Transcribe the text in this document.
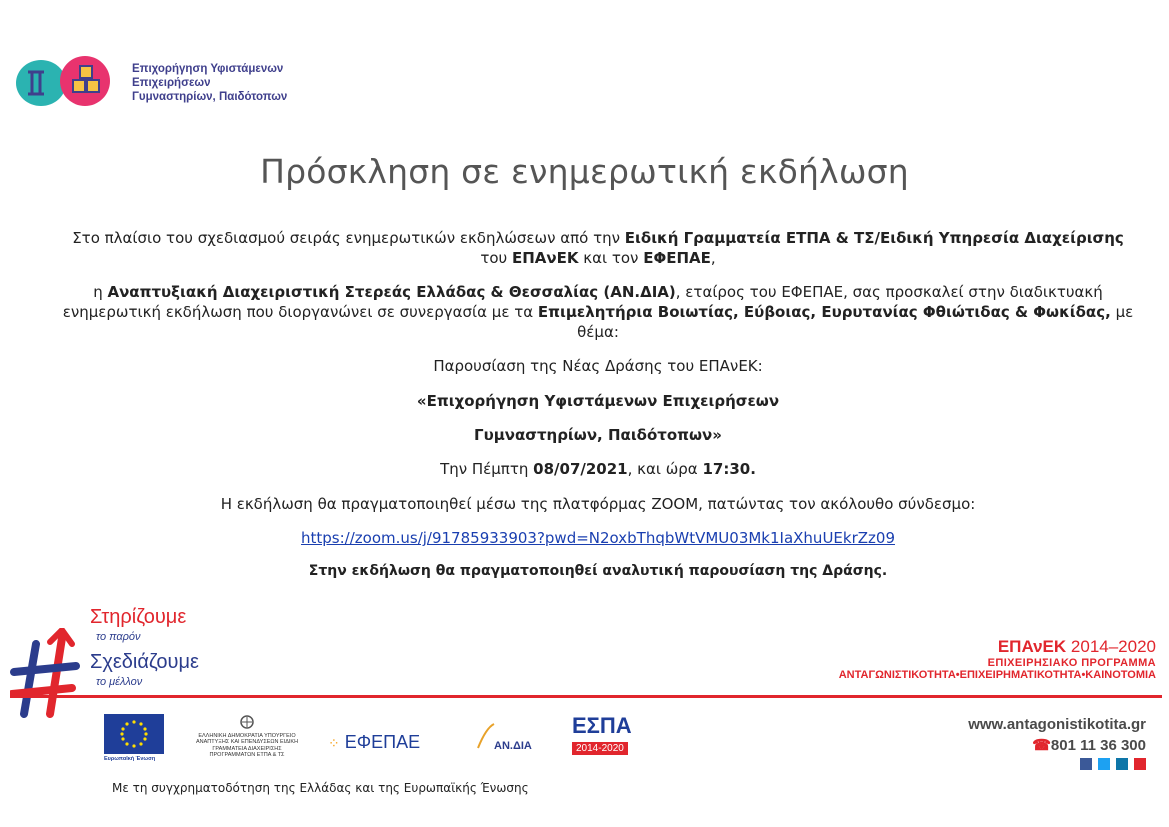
Επιχορήγηση Υφιστάμενων
Επιχειρήσεων
Γυμναστηρίων, Παιδότοπων
Πρόσκληση σε ενημερωτική εκδήλωση
Στο πλαίσιο του σχεδιασμού σειράς ενημερωτικών εκδηλώσεων από την Ειδική Γραμματεία ΕΤΠΑ & ΤΣ/Ειδική Υπηρεσία Διαχείρισης του ΕΠΑνΕΚ και τον ΕΦΕΠΑΕ,
η Αναπτυξιακή Διαχειριστική Στερεάς Ελλάδας & Θεσσαλίας (ΑΝ.ΔΙΑ), εταίρος του ΕΦΕΠΑΕ, σας προσκαλεί στην διαδικτυακή ενημερωτική εκδήλωση που διοργανώνει σε συνεργασία με τα Επιμελητήρια Βοιωτίας, Εύβοιας, Ευρυτανίας Φθιώτιδας & Φωκίδας, με θέμα:
Παρουσίαση της Νέας Δράσης του ΕΠΑνΕΚ:
«Επιχορήγηση Υφιστάμενων Επιχειρήσεων
Γυμναστηρίων, Παιδότοπων»
Την Πέμπτη 08/07/2021, και ώρα 17:30.
Η εκδήλωση θα πραγματοποιηθεί μέσω της πλατφόρμας ZOOM, πατώντας τον ακόλουθο σύνδεσμο:
https://zoom.us/j/91785933903?pwd=N2oxbThqbWtVMU03Mk1IaXhuUEkrZz09
Στην εκδήλωση θα πραγματοποιηθεί αναλυτική παρουσίαση της Δράσης.
Στηρίζουμε
το παρόν
Σχεδιάζουμε
το μέλλον
ΕΠΑνΕΚ 2014–2020
ΕΠΙΧΕΙΡΗΣΙΑΚΟ ΠΡΟΓΡΑΜΜΑ
ΑΝΤΑΓΩΝΙΣΤΙΚΟΤΗΤΑ•ΕΠΙΧΕΙΡΗΜΑΤΙΚΟΤΗΤΑ•ΚΑΙΝΟΤΟΜΙΑ
Ευρωπαϊκή Ένωση
ΕΛΛΗΝΙΚΗ ΔΗΜΟΚΡΑΤΙΑ ΥΠΟΥΡΓΕΙΟ ΑΝΑΠΤΥΞΗΣ ΚΑΙ ΕΠΕΝΔΥΣΕΩΝ ΕΙΔΙΚΗ ΓΡΑΜΜΑΤΕΙΑ ΔΙΑΧΕΙΡΙΣΗΣ ΠΡΟΓΡΑΜΜΑΤΩΝ ΕΤΠΑ & ΤΣ
⁘ ΕΦΕΠΑΕ	ΑΝ.ΔΙΑ
ΕΣΠΑ
2014-2020
www.antagonistikotita.gr
☎801 11 36 300
Με τη συγχρηματοδότηση της Ελλάδας και της Ευρωπαϊκής Ένωσης
